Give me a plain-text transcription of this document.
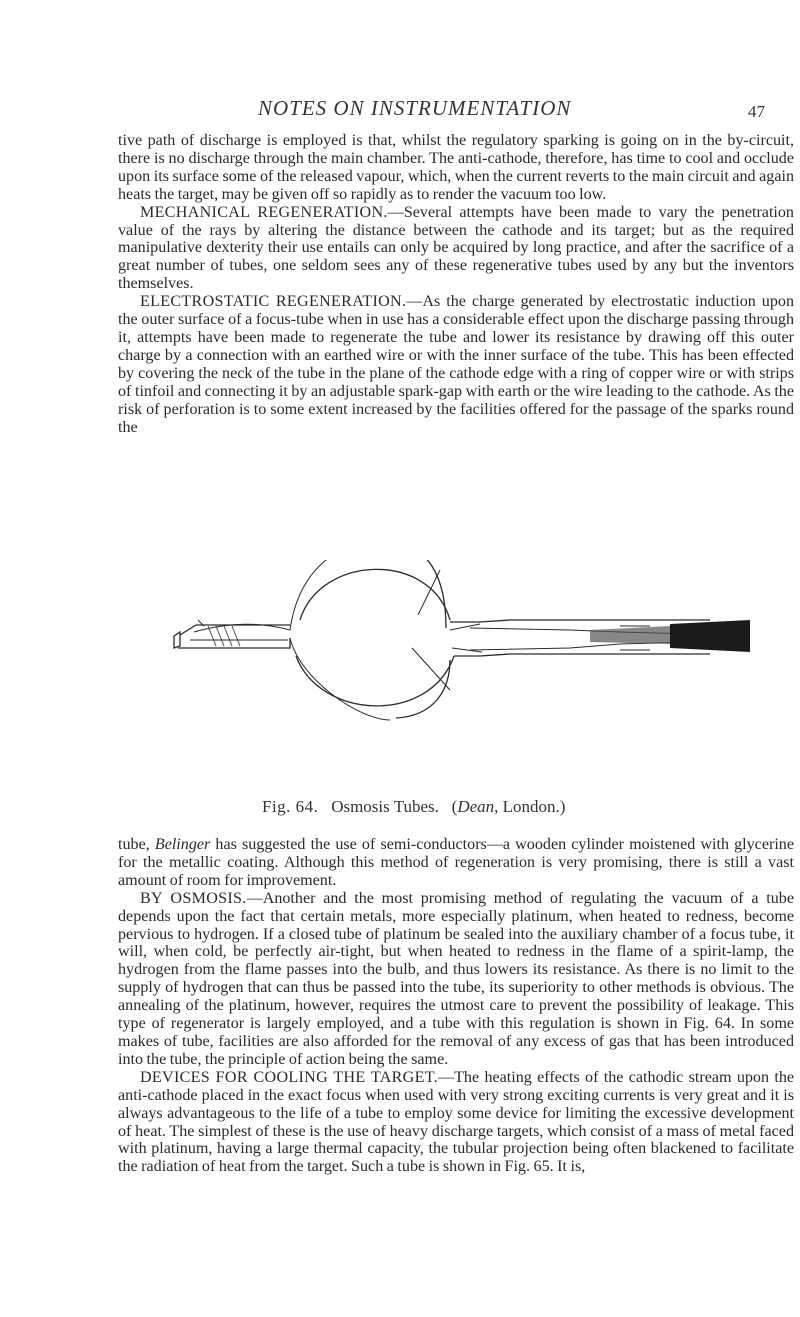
NOTES ON INSTRUMENTATION	47

tive path of discharge is employed is that, whilst the regulatory sparking is going on in the by-circuit, there is no discharge through the main chamber. The anti-cathode, therefore, has time to cool and occlude upon its surface some of the released vapour, which, when the current reverts to the main circuit and again heats the target, may be given off so rapidly as to render the vacuum too low.

MECHANICAL REGENERATION.—Several attempts have been made to vary the penetration value of the rays by altering the distance between the cathode and its target; but as the required manipulative dexterity their use entails can only be acquired by long practice, and after the sacrifice of a great number of tubes, one seldom sees any of these regenerative tubes used by any but the inventors themselves.

ELECTROSTATIC REGENERATION.—As the charge generated by electrostatic induction upon the outer surface of a focus-tube when in use has a considerable effect upon the discharge passing through it, attempts have been made to regenerate the tube and lower its resistance by drawing off this outer charge by a connection with an earthed wire or with the inner surface of the tube. This has been effected by covering the neck of the tube in the plane of the cathode edge with a ring of copper wire or with strips of tinfoil and connecting it by an adjustable spark-gap with earth or the wire leading to the cathode. As the risk of perforation is to some extent increased by the facilities offered for the passage of the sparks round the

Fig. 64. Osmosis Tubes. (Dean, London.)

tube, Belinger has suggested the use of semi-conductors—a wooden cylinder moistened with glycerine for the metallic coating. Although this method of regeneration is very promising, there is still a vast amount of room for improvement.

BY OSMOSIS.—Another and the most promising method of regulating the vacuum of a tube depends upon the fact that certain metals, more especially platinum, when heated to redness, become pervious to hydrogen. If a closed tube of platinum be sealed into the auxiliary chamber of a focus tube, it will, when cold, be perfectly air-tight, but when heated to redness in the flame of a spirit-lamp, the hydrogen from the flame passes into the bulb, and thus lowers its resistance. As there is no limit to the supply of hydrogen that can thus be passed into the tube, its superiority to other methods is obvious. The annealing of the platinum, however, requires the utmost care to prevent the possibility of leakage. This type of regenerator is largely employed, and a tube with this regulation is shown in Fig. 64. In some makes of tube, facilities are also afforded for the removal of any excess of gas that has been introduced into the tube, the principle of action being the same.

DEVICES FOR COOLING THE TARGET.—The heating effects of the cathodic stream upon the anti-cathode placed in the exact focus when used with very strong exciting currents is very great and it is always advantageous to the life of a tube to employ some device for limiting the excessive development of heat. The simplest of these is the use of heavy discharge targets, which consist of a mass of metal faced with platinum, having a large thermal capacity, the tubular projection being often blackened to facilitate the radiation of heat from the target. Such a tube is shown in Fig. 65. It is,
